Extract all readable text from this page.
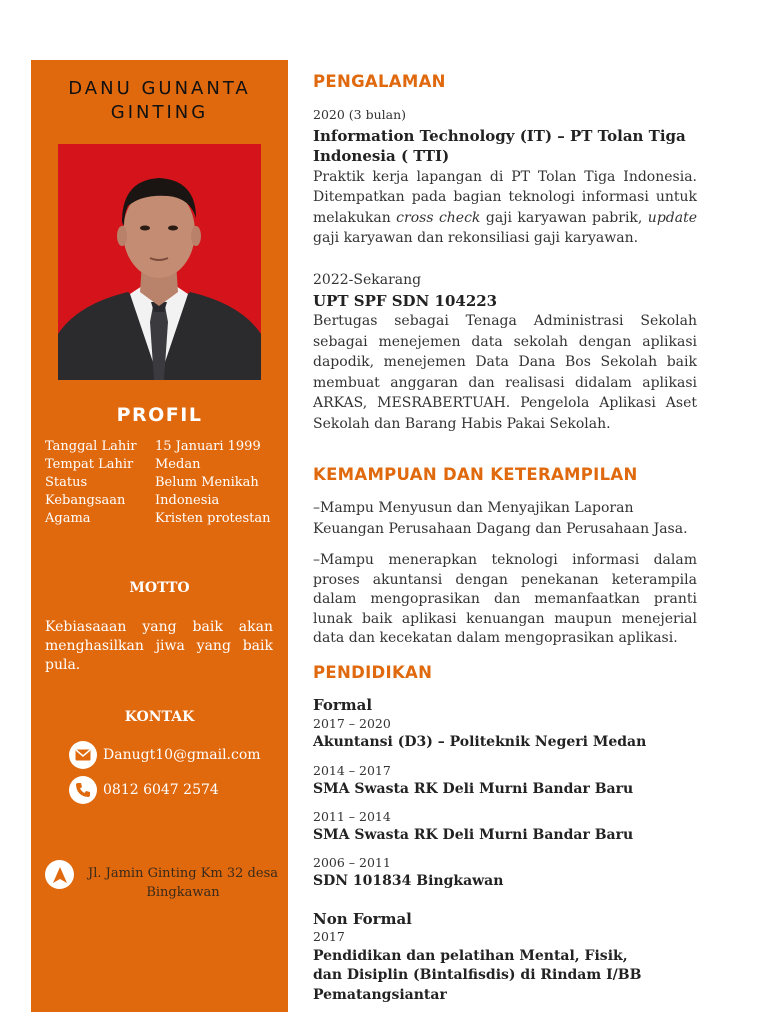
DANU GUNANTA
GINTING
PROFIL
Tanggal Lahir	15 Januari 1999
Tempat Lahir	Medan
Status	Belum Menikah
Kebangsaan	Indonesia
Agama	Kristen protestan
MOTTO
Kebiasaaan yang baik akan menghasilkan jiwa yang baik pula.
KONTAK
Danugt10@gmail.com
0812 6047 2574
Jl. Jamin Ginting Km 32 desa Bingkawan
PENGALAMAN
2020 (3 bulan)
Information Technology (IT) – PT Tolan Tiga Indonesia ( TTI)
Praktik kerja lapangan di PT Tolan Tiga Indonesia. Ditempatkan pada bagian teknologi informasi untuk melakukan cross check gaji karyawan pabrik, update gaji karyawan dan rekonsiliasi gaji karyawan.
2022-Sekarang
UPT SPF SDN 104223
Bertugas sebagai Tenaga Administrasi Sekolah sebagai menejemen data sekolah dengan aplikasi dapodik, menejemen Data Dana Bos Sekolah baik membuat anggaran dan realisasi didalam aplikasi ARKAS, MESRABERTUAH. Pengelola Aplikasi Aset Sekolah dan Barang Habis Pakai Sekolah.
KEMAMPUAN DAN KETERAMPILAN
–Mampu Menyusun dan Menyajikan Laporan
Keuangan Perusahaan Dagang dan Perusahaan Jasa.
–Mampu menerapkan teknologi informasi dalam proses akuntansi dengan penekanan keterampila dalam mengoprasikan dan memanfaatkan pranti lunak baik aplikasi kenuangan maupun menejerial data dan kecekatan dalam mengoprasikan aplikasi.
PENDIDIKAN
Formal
2017 – 2020
Akuntansi (D3) – Politeknik Negeri Medan
2014 – 2017
SMA Swasta RK Deli Murni Bandar Baru
2011 – 2014
SMA Swasta RK Deli Murni Bandar Baru
2006 – 2011
SDN 101834 Bingkawan
Non Formal
2017
Pendidikan dan pelatihan Mental, Fisik, dan Disiplin (Bintalfisdis) di Rindam I/BB Pematangsiantar
